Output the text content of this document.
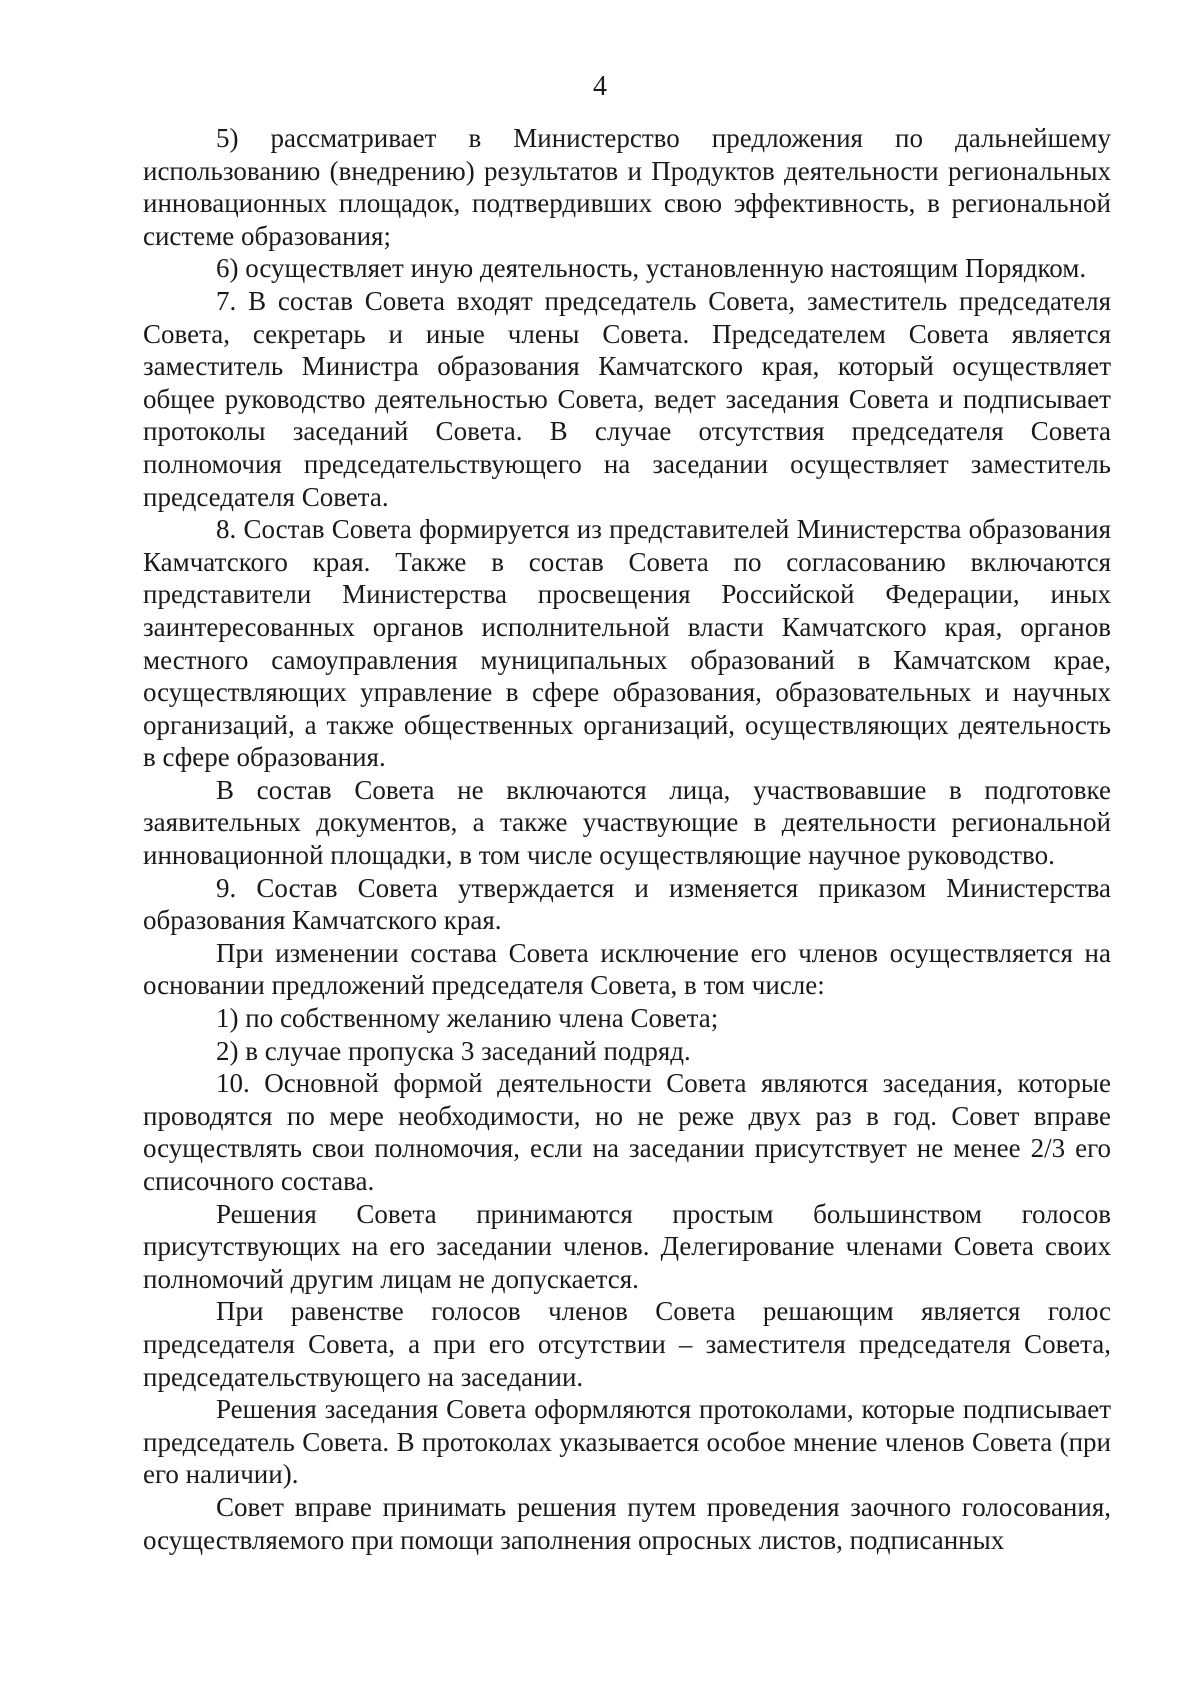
4

5) рассматривает в Министерство предложения по дальнейшему использованию (внедрению) результатов и Продуктов деятельности региональных инновационных площадок, подтвердивших свою эффективность, в региональной системе образования;

6) осуществляет иную деятельность, установленную настоящим Порядком.

7. В состав Совета входят председатель Совета, заместитель председателя Совета, секретарь и иные члены Совета. Председателем Совета является заместитель Министра образования Камчатского края, который осуществляет общее руководство деятельностью Совета, ведет заседания Совета и подписывает протоколы заседаний Совета. В случае отсутствия председателя Совета полномочия председательствующего на заседании осуществляет заместитель председателя Совета.

8. Состав Совета формируется из представителей Министерства образования Камчатского края. Также в состав Совета по согласованию включаются представители Министерства просвещения Российской Федерации, иных заинтересованных органов исполнительной власти Камчатского края, органов местного самоуправления муниципальных образований в Камчатском крае, осуществляющих управление в сфере образования, образовательных и научных организаций, а также общественных организаций, осуществляющих деятельность в сфере образования.

В состав Совета не включаются лица, участвовавшие в подготовке заявительных документов, а также участвующие в деятельности региональной инновационной площадки, в том числе осуществляющие научное руководство.

9. Состав Совета утверждается и изменяется приказом Министерства образования Камчатского края.

При изменении состава Совета исключение его членов осуществляется на основании предложений председателя Совета, в том числе:

1) по собственному желанию члена Совета;

2) в случае пропуска 3 заседаний подряд.

10. Основной формой деятельности Совета являются заседания, которые проводятся по мере необходимости, но не реже двух раз в год. Совет вправе осуществлять свои полномочия, если на заседании присутствует не менее 2/3 его списочного состава.

Решения Совета принимаются простым большинством голосов присутствующих на его заседании членов. Делегирование членами Совета своих полномочий другим лицам не допускается.

При равенстве голосов членов Совета решающим является голос председателя Совета, а при его отсутствии – заместителя председателя Совета, председательствующего на заседании.

Решения заседания Совета оформляются протоколами, которые подписывает председатель Совета. В протоколах указывается особое мнение членов Совета (при его наличии).

Совет вправе принимать решения путем проведения заочного голосования, осуществляемого при помощи заполнения опросных листов, подписанных
